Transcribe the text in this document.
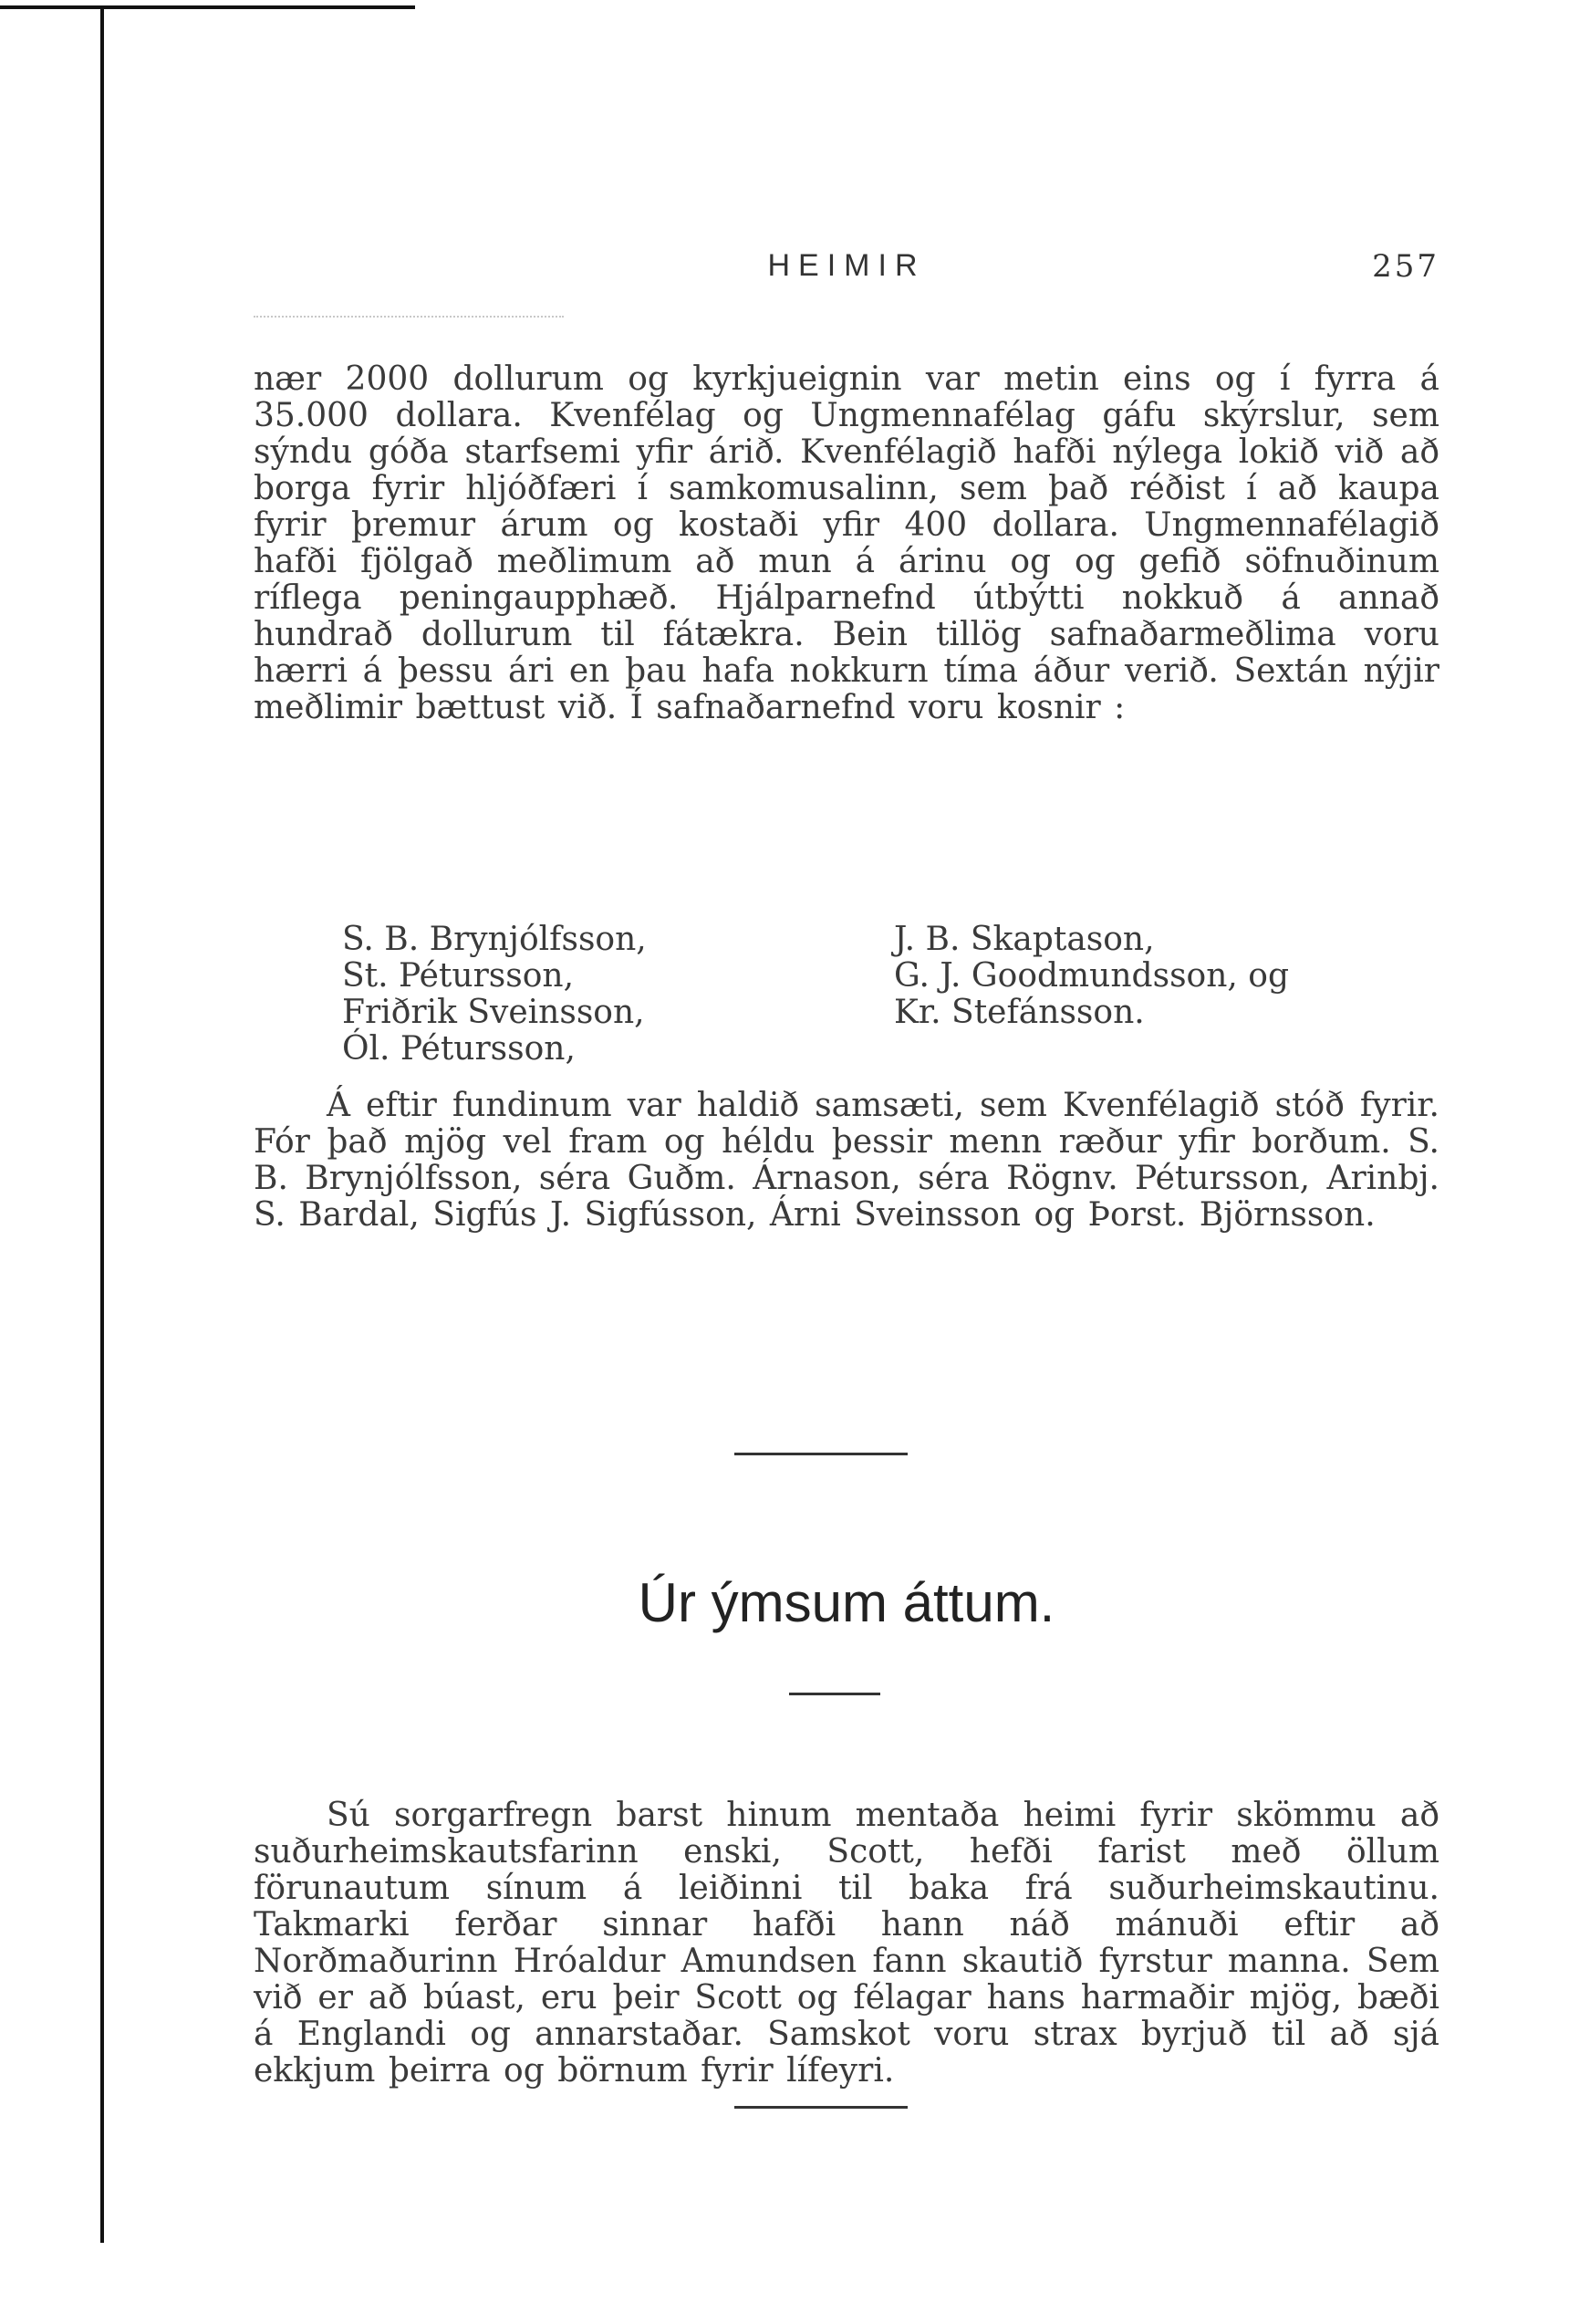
HEIMIR	257

nær 2000 dollurum og kyrkjueignin var metin eins og í fyrra á 35.000 dollara. Kvenfélag og Ungmennafélag gáfu skýrslur, sem sýndu góða starfsemi yfir árið. Kvenfélagið hafði nýlega lokið við að borga fyrir hljóðfæri í samkomusalinn, sem það réðist í að kaupa fyrir þremur árum og kostaði yfir 400 dollara. Ungmennafélagið hafði fjölgað meðlimum að mun á árinu og og gefið söfnuðinum ríflega peningaupphæð. Hjálparnefnd útbýtti nokkuð á annað hundrað dollurum til fátækra. Bein tillög safnaðarmeðlima voru hærri á þessu ári en þau hafa nokkurn tíma áður verið. Sextán nýjir meðlimir bættust við. Í safnaðarnefnd voru kosnir :

S. B. Brynjólfsson,	J. B. Skaptason,
St. Pétursson,	G. J. Goodmundsson, og
Friðrik Sveinsson,	Kr. Stefánsson.
Ól. Pétursson,

Á eftir fundinum var haldið samsæti, sem Kvenfélagið stóð fyrir. Fór það mjög vel fram og héldu þessir menn ræður yfir borðum. S. B. Brynjólfsson, séra Guðm. Árnason, séra Rögnv. Pétursson, Arinbj. S. Bardal, Sigfús J. Sigfússon, Árni Sveinsson og Þorst. Björnsson.

Úr ýmsum áttum.

Sú sorgarfregn barst hinum mentaða heimi fyrir skömmu að suðurheimskautsfarinn enski, Scott, hefði farist með öllum förunautum sínum á leiðinni til baka frá suðurheimskautinu. Takmarki ferðar sinnar hafði hann náð mánuði eftir að Norðmaðurinn Hróaldur Amundsen fann skautið fyrstur manna. Sem við er að búast, eru þeir Scott og félagar hans harmaðir mjög, bæði á Englandi og annarstaðar. Samskot voru strax byrjuð til að sjá ekkjum þeirra og börnum fyrir lífeyri.
